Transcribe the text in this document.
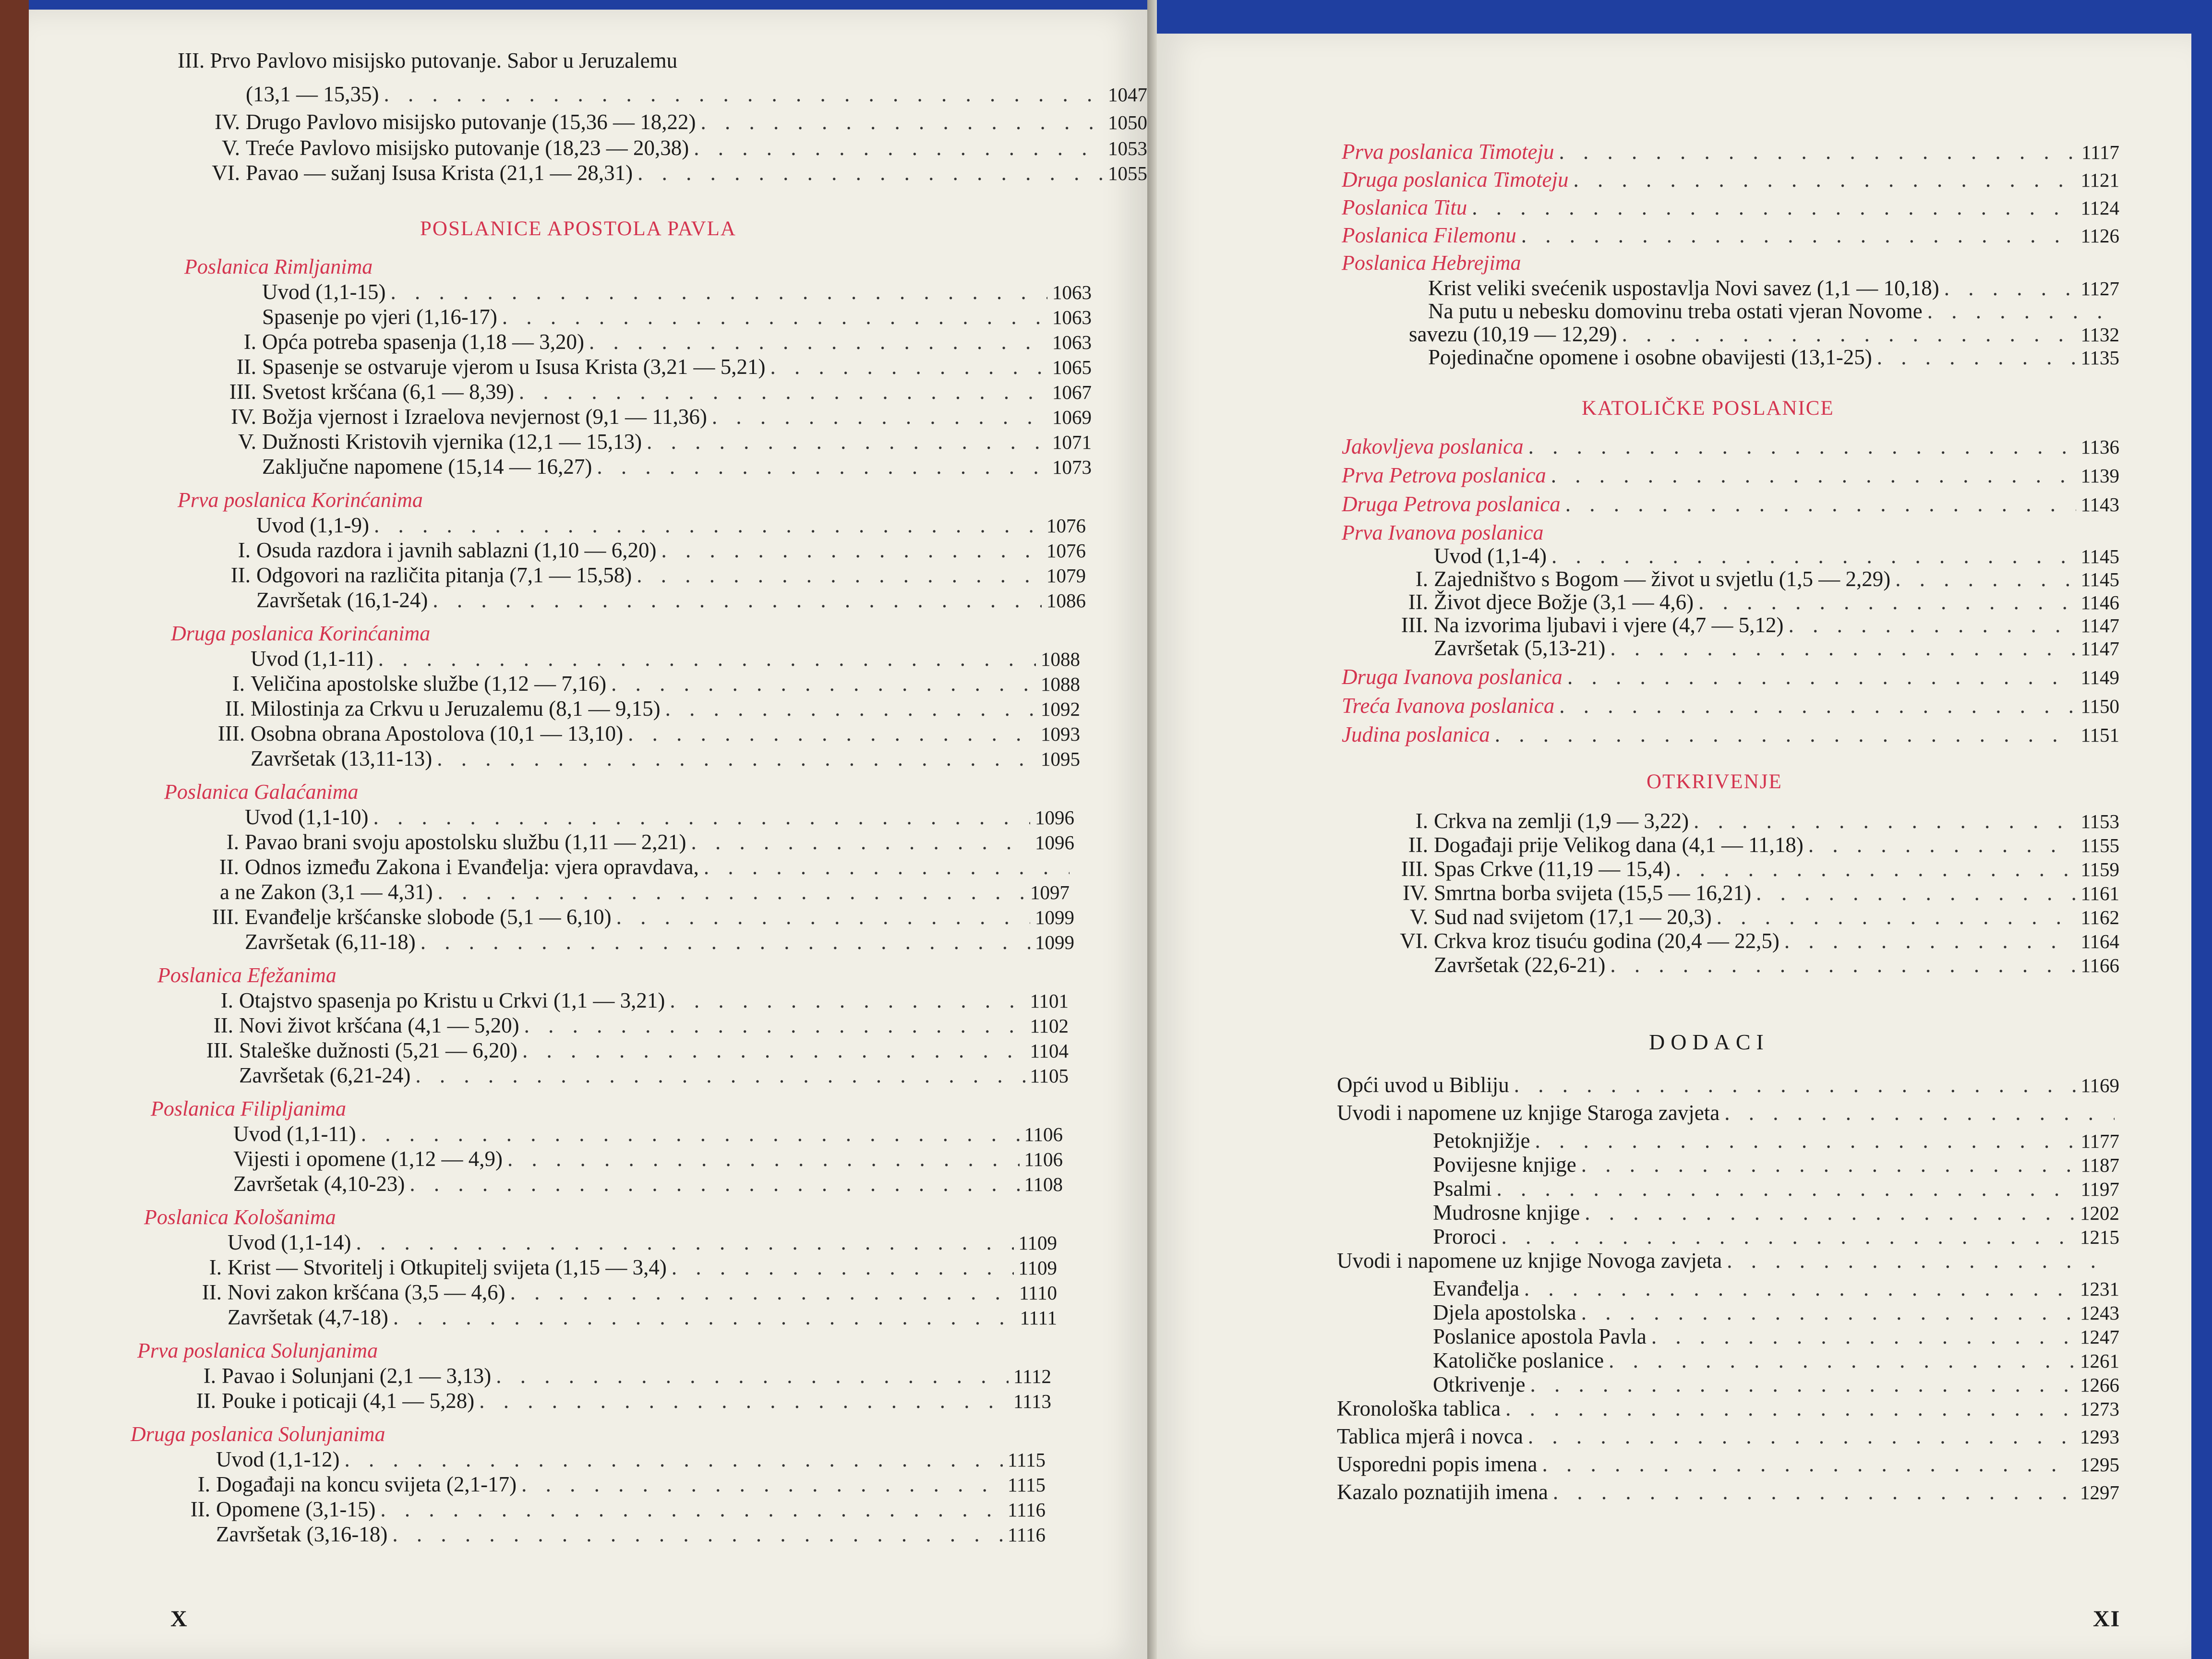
III. Prvo Pavlovo misijsko putovanje. Sabor u Jeruzalemu
(13,1 — 15,35) . . .	1047
IV. Drugo Pavlovo misijsko putovanje (15,36 — 18,22) . . .	1050
V. Treće Pavlovo misijsko putovanje (18,23 — 20,38) . . .	1053
VI. Pavao — sužanj Isusa Krista (21,1 — 28,31) . . .	1055
POSLANICE APOSTOLA PAVLA
Poslanica Rimljanima
Uvod (1,1-15) . . .	1063
Spasenje po vjeri (1,16-17) . . .	1063
I. Opća potreba spasenja (1,18 — 3,20) . . .	1063
II. Spasenje se ostvaruje vjerom u Isusa Krista (3,21 — 5,21) . . .	1065
III. Svetost kršćana (6,1 — 8,39) . . .	1067
IV. Božja vjernost i Izraelova nevjernost (9,1 — 11,36) . . .	1069
V. Dužnosti Kristovih vjernika (12,1 — 15,13) . . .	1071
Zaključne napomene (15,14 — 16,27) . . .	1073
Prva poslanica Korinćanima
Uvod (1,1-9) . . .	1076
I. Osuda razdora i javnih sablazni (1,10 — 6,20) . . .	1076
II. Odgovori na različita pitanja (7,1 — 15,58) . . .	1079
Završetak (16,1-24) . . .	1086
Druga poslanica Korinćanima
Uvod (1,1-11) . . .	1088
I. Veličina apostolske službe (1,12 — 7,16) . . .	1088
II. Milostinja za Crkvu u Jeruzalemu (8,1 — 9,15) . . .	1092
III. Osobna obrana Apostolova (10,1 — 13,10) . . .	1093
Završetak (13,11-13) . . .	1095
Poslanica Galaćanima
Uvod (1,1-10) . . .	1096
I. Pavao brani svoju apostolsku službu (1,11 — 2,21) . . .	1096
II. Odnos između Zakona i Evanđelja: vjera opravdava,
. . .
a ne Zakon (3,1 — 4,31) . . .	1097
III. Evanđelje kršćanske slobode (5,1 — 6,10) . . .	1099
Završetak (6,11-18) . . .	1099
Poslanica Efežanima
I. Otajstvo spasenja po Kristu u Crkvi (1,1 — 3,21) . . .	1101
II. Novi život kršćana (4,1 — 5,20) . . .	1102
III. Staleške dužnosti (5,21 — 6,20) . . .	1104
Završetak (6,21-24) . . .	1105
Poslanica Filipljanima
Uvod (1,1-11) . . .	1106
Vijesti i opomene (1,12 — 4,9) . . .	1106
Završetak (4,10-23) . . .	1108
Poslanica Kološanima
Uvod (1,1-14) . . .	1109
I. Krist — Stvoritelj i Otkupitelj svijeta (1,15 — 3,4) . . .	1109
II. Novi zakon kršćana (3,5 — 4,6) . . .	1110
Završetak (4,7-18) . . .	1111
Prva poslanica Solunjanima
I. Pavao i Solunjani (2,1 — 3,13) . . .	1112
II. Pouke i poticaji (4,1 — 5,28) . . .	1113
Druga poslanica Solunjanima
Uvod (1,1-12) . . .	1115
I. Događaji na koncu svijeta (2,1-17) . . .	1115
II. Opomene (3,1-15) . . .	1116
Završetak (3,16-18) . . .	1116
X
Prva poslanica Timoteju . . .	1117
Druga poslanica Timoteju . . .	1121
Poslanica Titu . . .	1124
Poslanica Filemonu . . .	1126
Poslanica Hebrejima
Krist veliki svećenik uspostavlja Novi savez (1,1 — 10,18) . . .	1127
Na putu u nebesku domovinu treba ostati vjeran Novome
. . .
savezu (10,19 — 12,29) . . .	1132
Pojedinačne opomene i osobne obavijesti (13,1-25) . . .	1135
KATOLIČKE POSLANICE
Jakovljeva poslanica . . .	1136
Prva Petrova poslanica . . .	1139
Druga Petrova poslanica . . .	1143
Prva Ivanova poslanica
Uvod (1,1-4) . . .	1145
I. Zajedništvo s Bogom — život u svjetlu (1,5 — 2,29) . . .	1145
II. Život djece Božje (3,1 — 4,6) . . .	1146
III. Na izvorima ljubavi i vjere (4,7 — 5,12) . . .	1147
Završetak (5,13-21) . . .	1147
Druga Ivanova poslanica . . .	1149
Treća Ivanova poslanica . . .	1150
Judina poslanica . . .	1151
OTKRIVENJE
I. Crkva na zemlji (1,9 — 3,22) . . .	1153
II. Događaji prije Velikog dana (4,1 — 11,18) . . .	1155
III. Spas Crkve (11,19 — 15,4) . . .	1159
IV. Smrtna borba svijeta (15,5 — 16,21) . . .	1161
V. Sud nad svijetom (17,1 — 20,3) . . .	1162
VI. Crkva kroz tisuću godina (20,4 — 22,5) . . .	1164
Završetak (22,6-21) . . .	1166
DODACI
Opći uvod u Bibliju . . .	1169
Uvodi i napomene uz knjige Staroga zavjeta
. . .
Petoknjižje . . .	1177
Povijesne knjige . . .	1187
Psalmi . . .	1197
Mudrosne knjige . . .	1202
Proroci . . .	1215
Uvodi i napomene uz knjige Novoga zavjeta
. . .
Evanđelja . . .	1231
Djela apostolska . . .	1243
Poslanice apostola Pavla . . .	1247
Katoličke poslanice . . .	1261
Otkrivenje . . .	1266
Kronološka tablica . . .	1273
Tablica mjerâ i novca . . .	1293
Usporedni popis imena . . .	1295
Kazalo poznatijih imena . . .	1297
XI
